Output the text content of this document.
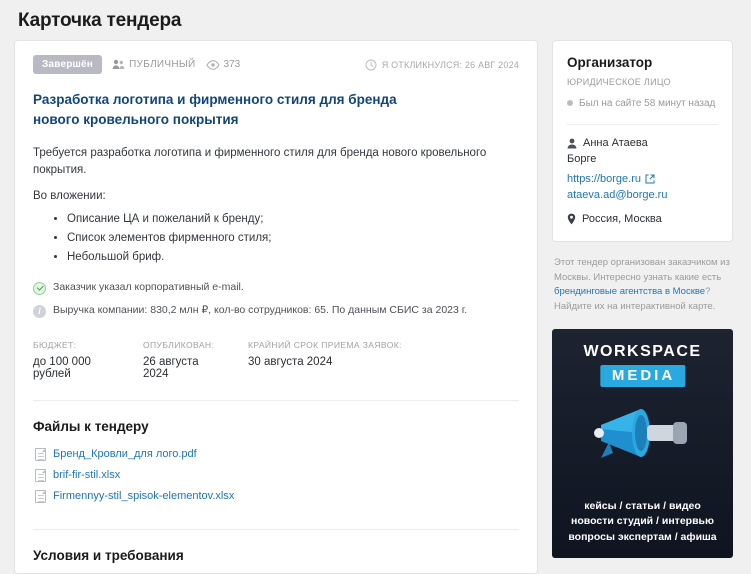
Карточка тендера
Завершён	ПУБЛИЧНЫЙ	373	Я ОТКЛИКНУЛСЯ: 26 АВГ 2024
Разработка логотипа и фирменного стиля для бренда нового кровельного покрытия
Требуется разработка логотипа и фирменного стиля для бренда нового кровельного покрытия.
Во вложении:
• Описание ЦА и пожеланий к бренду;
• Список элементов фирменного стиля;
• Небольшой бриф.
Заказчик указал корпоративный e-mail.
i	Выручка компании: 830,2 млн ₽, кол-во сотрудников: 65. По данным СБИС за 2023 г.
БЮДЖЕТ:
до 100 000 рублей
ОПУБЛИКОВАН:
26 августа 2024
КРАЙНИЙ СРОК ПРИЕМА ЗАЯВОК:
30 августа 2024
Файлы к тендеру
Бренд_Кровли_для лого.pdf
brif-fir-stil.xlsx
Firmennyy-stil_spisok-elementov.xlsx
Условия и требования
Организатор
ЮРИДИЧЕСКОЕ ЛИЦО
Был на сайте 58 минут назад
Анна Атаева
Борге
https://borge.ru
ataeva.ad@borge.ru
Россия, Москва
Этот тендер организован заказчиком из Москвы. Интересно узнать какие есть брендинговые агентства в Москве? Найдите их на интерактивной карте.
WORKSPACE
MEDIA
кейсы / статьи / видео
новости студий / интервью
вопросы экспертам / афиша
